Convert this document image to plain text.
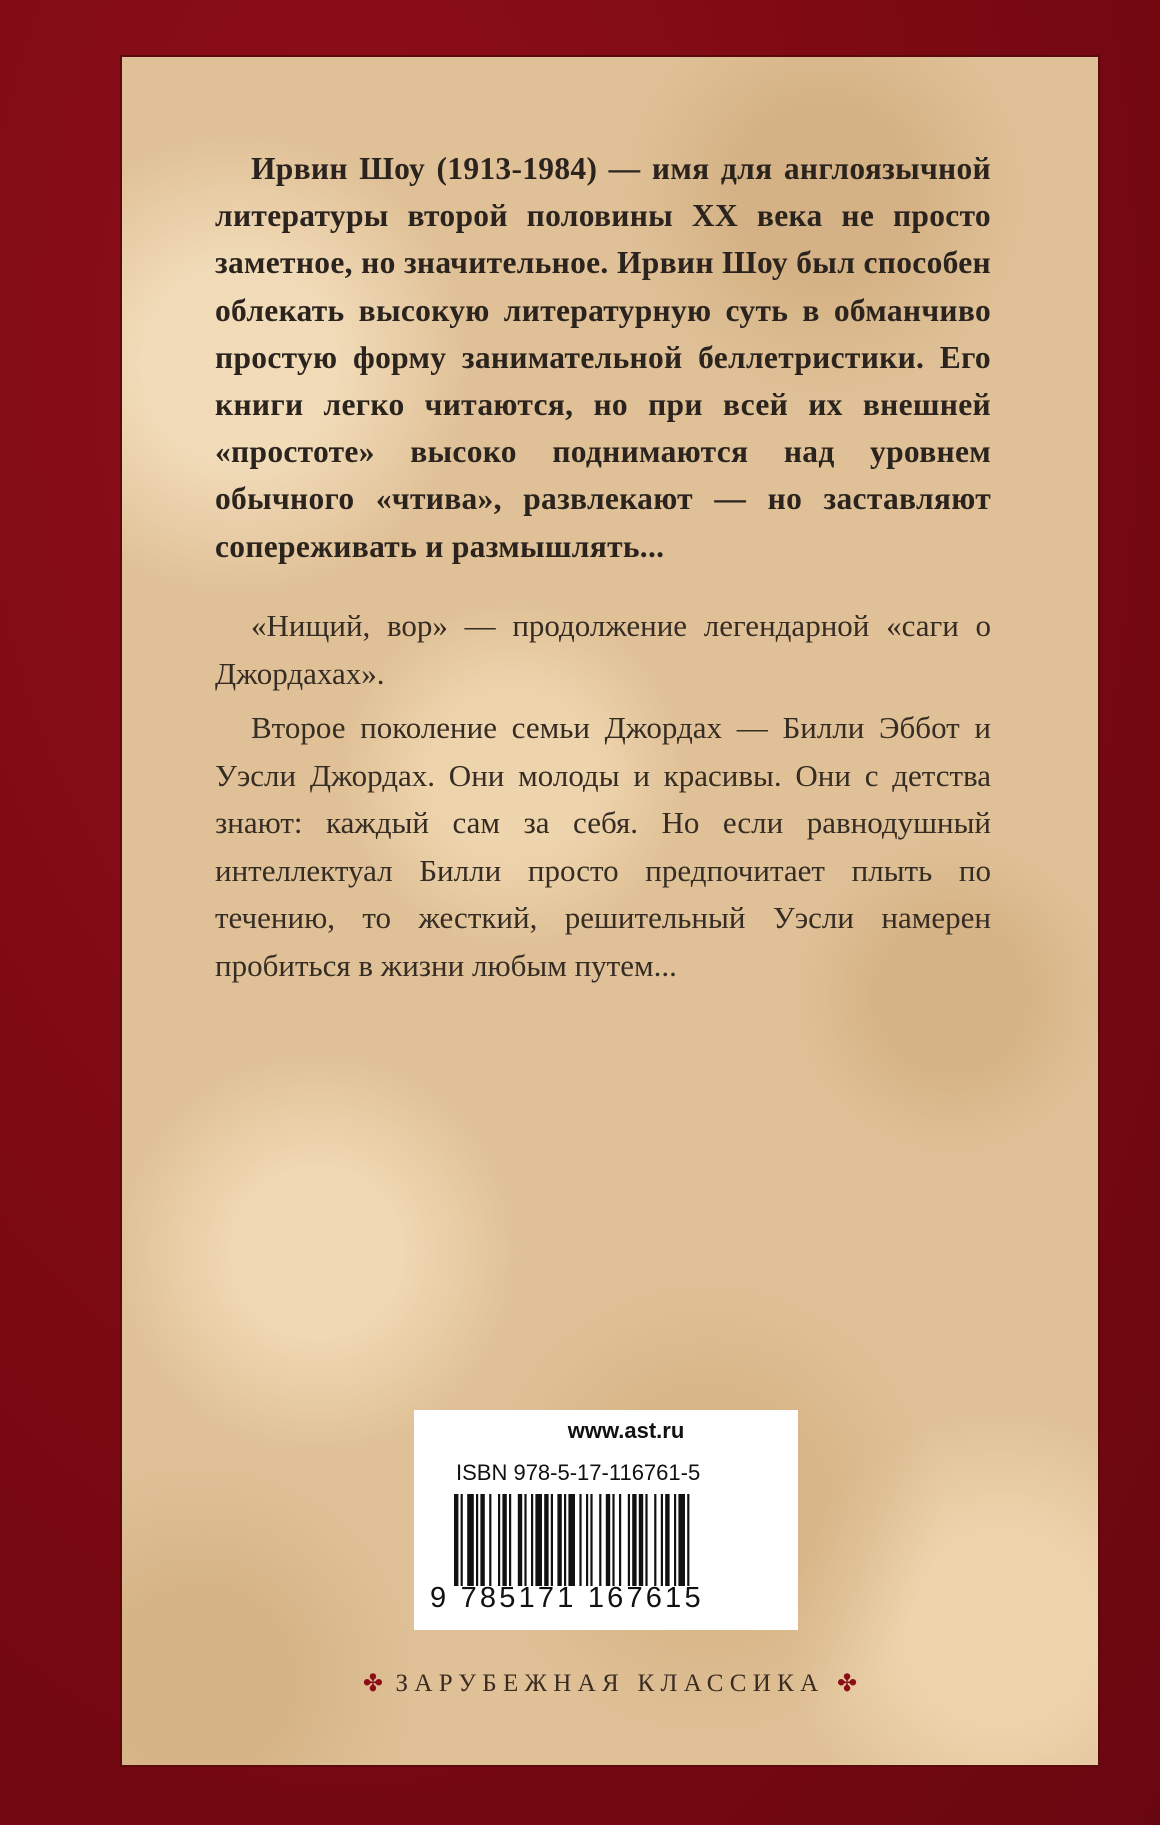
Ирвин Шоу (1913-1984) — имя для англоязычной литературы второй половины XX века не просто заметное, но значительное. Ирвин Шоу был способен облекать высокую литературную суть в обманчиво простую форму занимательной беллетристики. Его книги легко читаются, но при всей их внешней «простоте» высоко поднимаются над уровнем обычного «чтива», развлекают — но заставляют сопереживать и размышлять...

«Нищий, вор» — продолжение легендарной «саги о Джордахах».

Второе поколение семьи Джордах — Билли Эббот и Уэсли Джордах. Они молоды и красивы. Они с детства знают: каждый сам за себя. Но если равнодушный интеллектуал Билли просто предпочитает плыть по течению, то жесткий, решительный Уэсли намерен пробиться в жизни любым путем...

www.ast.ru
ISBN 978-5-17-116761-5
9 785171 167615
✤ ЗАРУБЕЖНАЯ КЛАССИКА ✤
